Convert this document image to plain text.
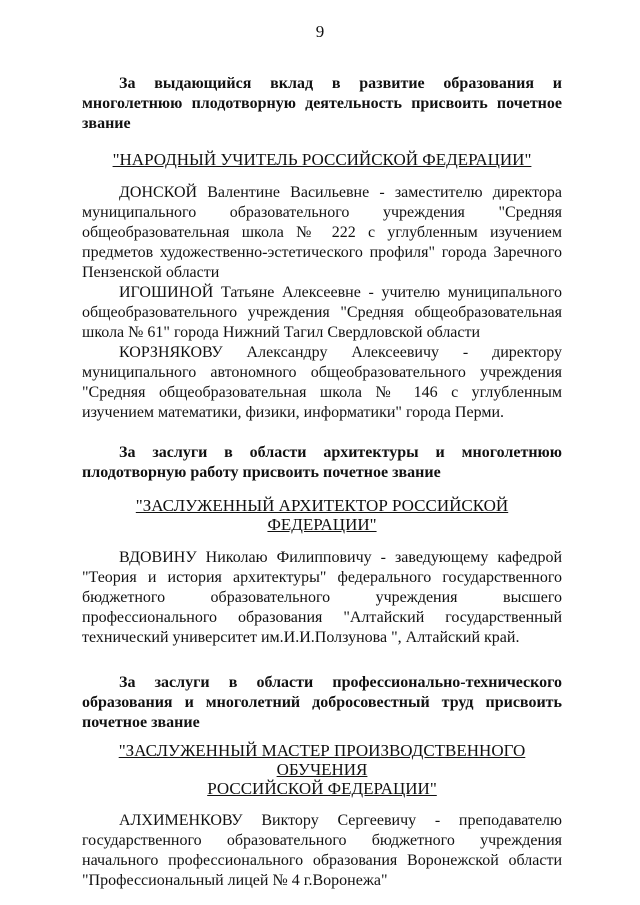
9

За выдающийся вклад в развитие образования и многолетнюю плодотворную деятельность присвоить почетное звание

"НАРОДНЫЙ УЧИТЕЛЬ РОССИЙСКОЙ ФЕДЕРАЦИИ"

ДОНСКОЙ Валентине Васильевне - заместителю директора муниципального образовательного учреждения "Средняя общеобразовательная школа № 222 с углубленным изучением предметов художественно-эстетического профиля" города Заречного Пензенской области

ИГОШИНОЙ Татьяне Алексеевне - учителю муниципального общеобразовательного учреждения "Средняя общеобразовательная школа № 61" города Нижний Тагил Свердловской области

КОРЗНЯКОВУ Александру Алексеевичу - директору муниципального автономного общеобразовательного учреждения "Средняя общеобразовательная школа № 146 с углубленным изучением математики, физики, информатики" города Перми.

За заслуги в области архитектуры и многолетнюю плодотворную работу присвоить почетное звание

"ЗАСЛУЖЕННЫЙ АРХИТЕКТОР РОССИЙСКОЙ ФЕДЕРАЦИИ"

ВДОВИНУ Николаю Филипповичу - заведующему кафедрой "Теория и история архитектуры" федерального государственного бюджетного образовательного учреждения высшего профессионального образования "Алтайский государственный технический университет им.И.И.Ползунова ", Алтайский край.

За заслуги в области профессионально-технического образования и многолетний добросовестный труд присвоить почетное звание

"ЗАСЛУЖЕННЫЙ МАСТЕР ПРОИЗВОДСТВЕННОГО ОБУЧЕНИЯ

РОССИЙСКОЙ ФЕДЕРАЦИИ"

АЛХИМЕНКОВУ Виктору Сергеевичу - преподавателю государственного образовательного бюджетного учреждения начального профессионального образования Воронежской области "Профессиональный лицей № 4 г.Воронежа"
